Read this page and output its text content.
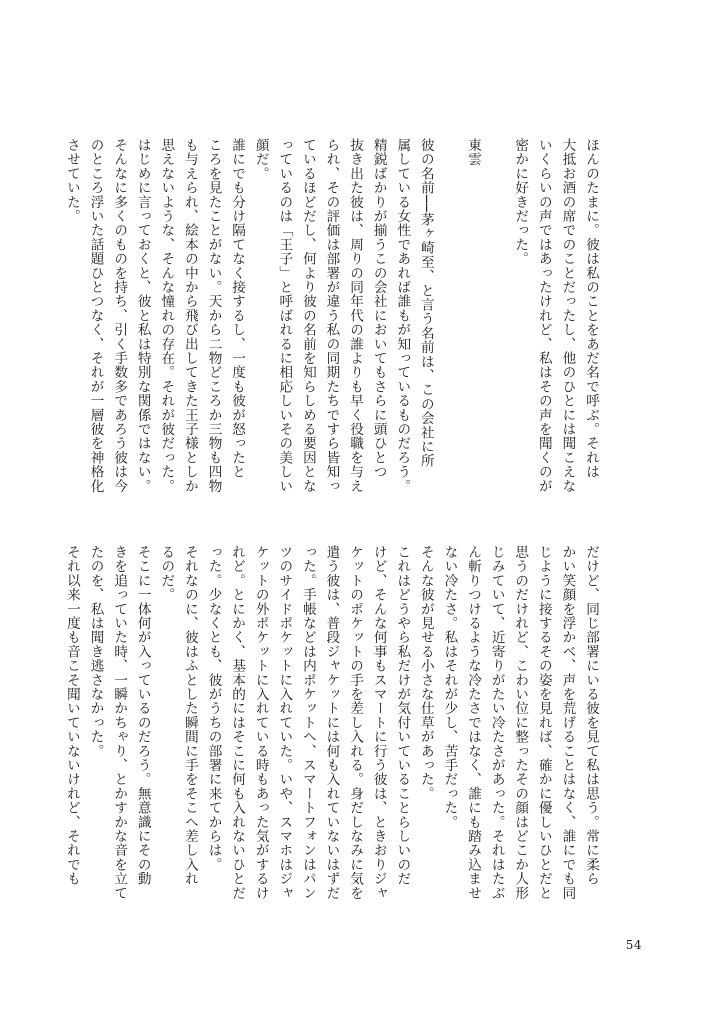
ほんのたまに。彼は私のことをあだ名で呼ぶ。それは

大抵お酒の席でのことだったし、他のひとには聞こえな

いくらいの声ではあったけれど、私はその声を聞くのが

密かに好きだった。

東雲

彼の名前──茅ヶ崎至、と言う名前は、この会社に所

属している女性であれば誰もが知っているものだろう。

精鋭ばかりが揃うこの会社においてもさらに頭ひとつ

抜き出た彼は、周りの同年代の誰よりも早く役職を与え

られ、その評価は部署が違う私の同期たちですら皆知っ

ているほどだし、何より彼の名前を知らしめる要因とな

っているのは「王子」と呼ばれるに相応しいその美しい

顔だ。

誰にでも分け隔てなく接するし、一度も彼が怒ったと

ころを見たことがない。天から二物どころか三物も四物

も与えられ、絵本の中から飛び出してきた王子様としか

思えないような、そんな憧れの存在。それが彼だった。

はじめに言っておくと、彼と私は特別な関係ではない。

そんなに多くのものを持ち、引く手数多であろう彼は今

のところ浮いた話題ひとつなく、それが一層彼を神格化

させていた。

だけど、同じ部署にいる彼を見て私は思う。常に柔ら

かい笑顔を浮かべ、声を荒げることはなく、誰にでも同

じように接するその姿を見れば、確かに優しいひとだと

思うのだけれど、こわい位に整ったその顔はどこか人形

じみていて、近寄りがたい冷たさがあった。それはたぶ

ん斬りつけるような冷たさではなく、誰にも踏み込ませ

ない冷たさ。私はそれが少し、苦手だった。

そんな彼が見せる小さな仕草があった。

これはどうやら私だけが気付いていることらしいのだ

けど、そんな何事もスマートに行う彼は、ときおりジャ

ケットのポケットの手を差し入れる。身だしなみに気を

遣う彼は、普段ジャケットには何も入れていないはずだ

った。手帳などは内ポケットへ、スマートフォンはパン

ツのサイドポケットに入れていた。いや、スマホはジャ

ケットの外ポケットに入れている時もあった気がするけ

れど。とにかく、基本的にはそこに何も入れないひとだ

った。少なくとも、彼がうちの部署に来てからは。

それなのに、彼はふとした瞬間に手をそこへ差し入れ

るのだ。

そこに一体何が入っているのだろう。無意識にその動

きを追っていた時、一瞬かちゃり、とかすかな音を立て

たのを、私は聞き逃さなかった。

それ以来一度も音こそ聞いていないけれど、それでも

54
